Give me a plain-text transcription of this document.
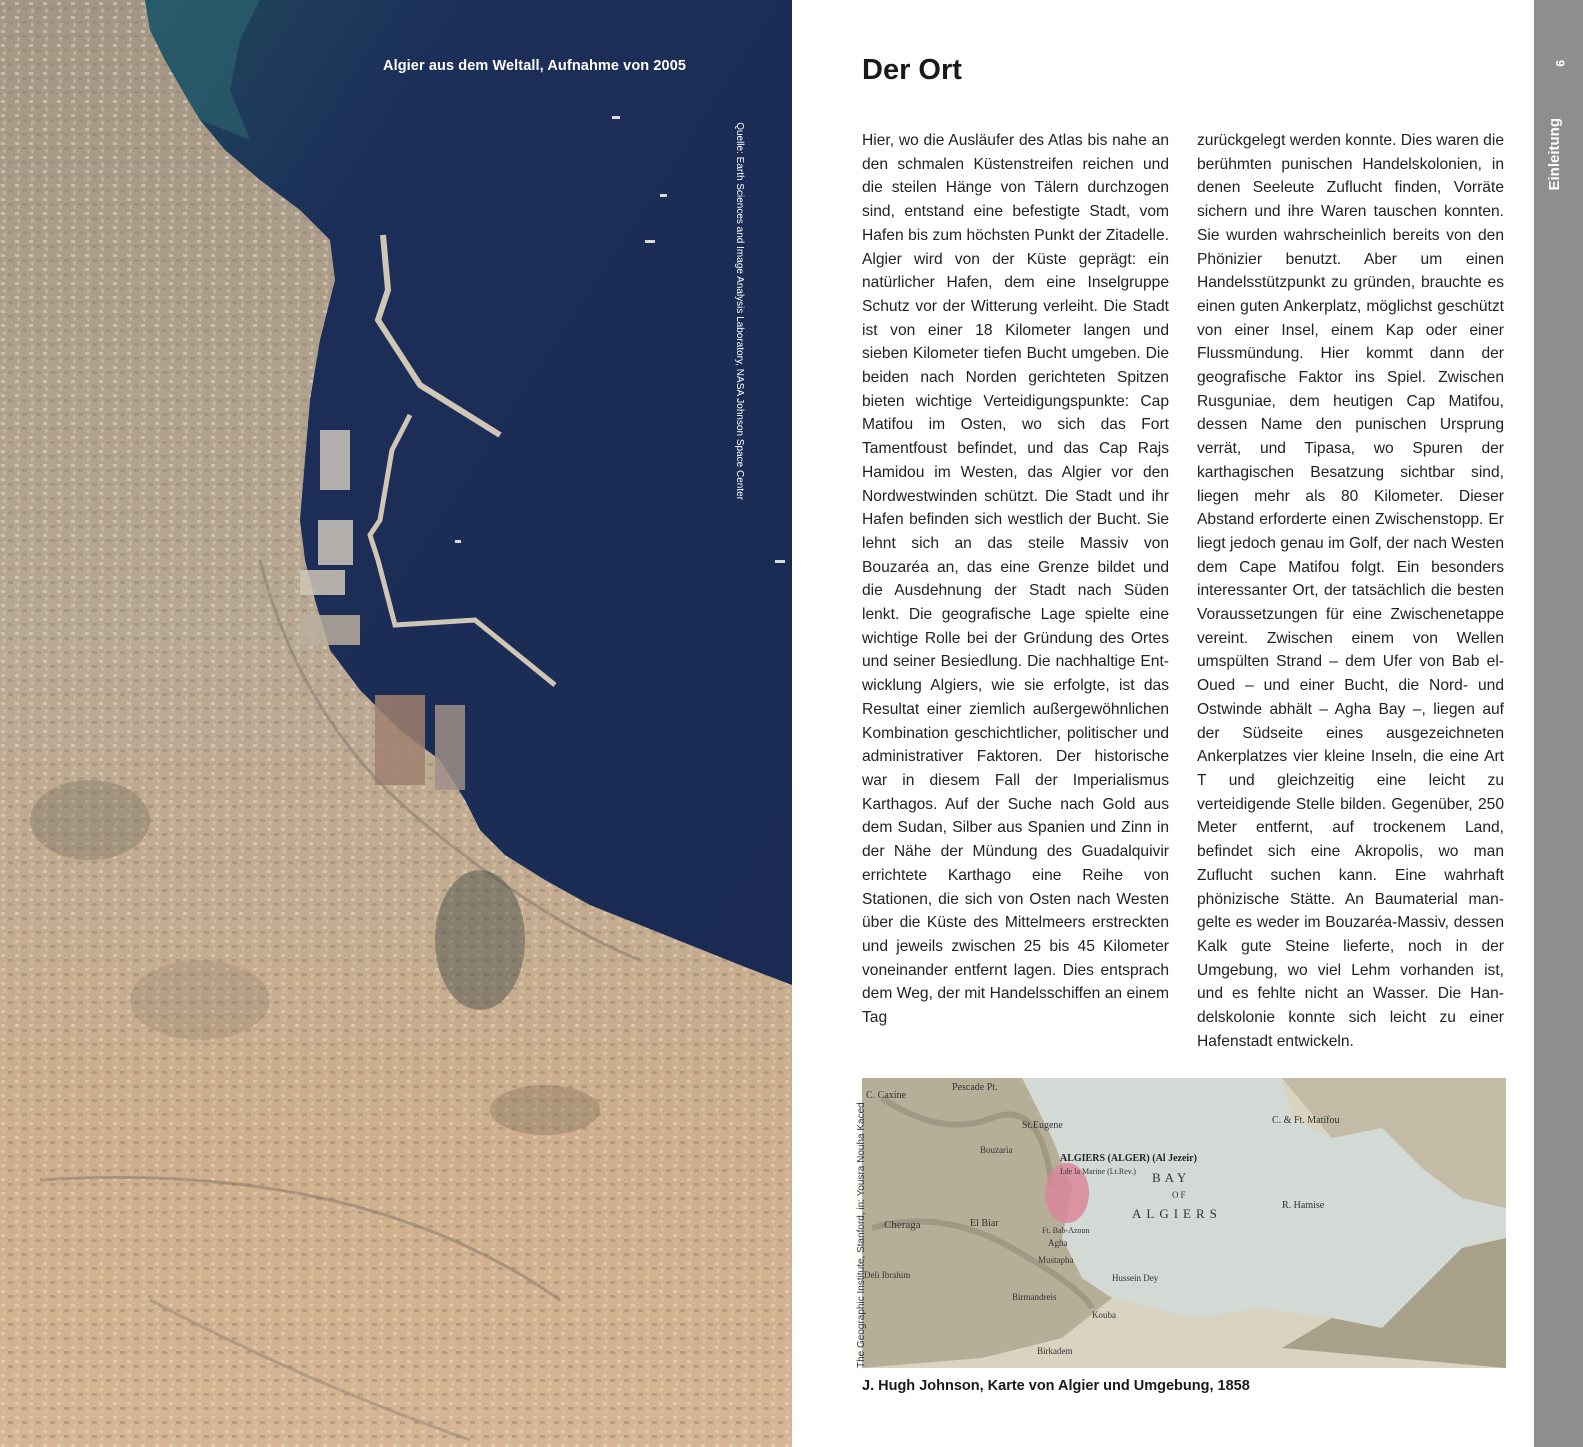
Algier aus dem Weltall, Aufnahme von 2005
Quelle: Earth Sciences and Image Analysis Laboratory, NASA Johnson Space Center
Der Ort

Hier, wo die Ausläufer des Atlas bis nahe an den schmalen Küstenstreifen reichen und die steilen Hänge von Tälern durchzogen sind, entstand eine befestigte Stadt, vom Hafen bis zum höchsten Punkt der Zitadelle. Algier wird von der Küste geprägt: ein natürlicher Hafen, dem eine Inselgruppe Schutz vor der Witterung verleiht. Die Stadt ist von einer 18 Kilometer langen und sieben Kilometer tiefen Bucht umgeben. Die beiden nach Norden gerichteten Spitzen bieten wichtige Verteidigungspunkte: Cap Matifou im Osten, wo sich das Fort Tamentfoust befindet, und das Cap Rajs Hamidou im Westen, das Algier vor den Nordwestwinden schützt. Die Stadt und ihr Hafen befinden sich westlich der Bucht. Sie lehnt sich an das steile Massiv von Bouzaréa an, das eine Grenze bildet und die Ausdehnung der Stadt nach Süden lenkt. Die geografische Lage spielte eine wichtige Rolle bei der Gründung des Ortes und seiner Besiedlung. Die nachhaltige Entwicklung Algiers, wie sie erfolgte, ist das Resultat einer ziemlich außergewöhnlichen Kombination geschichtlicher, politischer und administrativer Faktoren. Der historische war in diesem Fall der Imperialismus Karthagos. Auf der Suche nach Gold aus dem Sudan, Silber aus Spanien und Zinn in der Nähe der Mündung des Guadalquivir errichtete Karthago eine Reihe von Stationen, die sich von Osten nach Westen über die Küste des Mittelmeers erstreckten und jeweils zwischen 25 bis 45 Kilometer voneinander entfernt lagen. Dies entsprach dem Weg, der mit Handelsschiffen an einem Tag

zurückgelegt werden konnte. Dies waren die berühmten punischen Handelskolonien, in denen Seeleute Zuflucht finden, Vorräte sichern und ihre Waren tauschen konnten. Sie wurden wahrscheinlich bereits von den Phönizier benutzt. Aber um einen Handelsstützpunkt zu gründen, brauchte es einen guten Ankerplatz, möglichst geschützt von einer Insel, einem Kap oder einer Flussmündung. Hier kommt dann der geografische Faktor ins Spiel. Zwischen Rusguniae, dem heutigen Cap Matifou, dessen Name den punischen Ursprung verrät, und Tipasa, wo Spuren der karthagischen Besatzung sichtbar sind, liegen mehr als 80 Kilometer. Dieser Abstand erforderte einen Zwischenstopp. Er liegt jedoch genau im Golf, der nach Westen dem Cape Matifou folgt. Ein besonders interessanter Ort, der tatsächlich die besten Voraussetzungen für eine Zwischenetappe vereint. Zwischen einem von Wellen umspülten Strand – dem Ufer von Bab el-Oued – und einer Bucht, die Nord- und Ostwinde abhält – Agha Bay –, liegen auf der Südseite eines ausgezeichneten Ankerplatzes vier kleine Inseln, die eine Art T und gleichzeitig eine leicht zu verteidigende Stelle bilden. Gegenüber, 250 Meter entfernt, auf trockenem Land, befindet sich eine Akropolis, wo man Zuflucht suchen kann. Eine wahrhaft phönizische Stätte. An Baumaterial mangelte es weder im Bouzaréa-Massiv, dessen Kalk gute Steine lieferte, noch in der Umgebung, wo viel Lehm vorhanden ist, und es fehlte nicht an Wasser. Die Handelskolonie konnte sich leicht zu einer Hafenstadt entwickeln.

Pescade Pt.
C. Caxine
St.Eugene	C. & Ft. Matifou
Bouzaria
ALGIERS (ALGER) (Al Jezeir)
I.de la Marine (Lt.Rev.) BAY
OF
ALGIERS
R. Hamise
Cheraga	El Biar
Ft. Bab-Azoun
Agha
Mustapha
Deli Ibrahim	Hussein Dey
Birmandreis
Kouba
Birkadem
The Geographic Institute, Stanford, in: Yousra Nouha Kaced
J. Hugh Johnson, Karte von Algier und Umgebung, 1858
9
Einleitung
